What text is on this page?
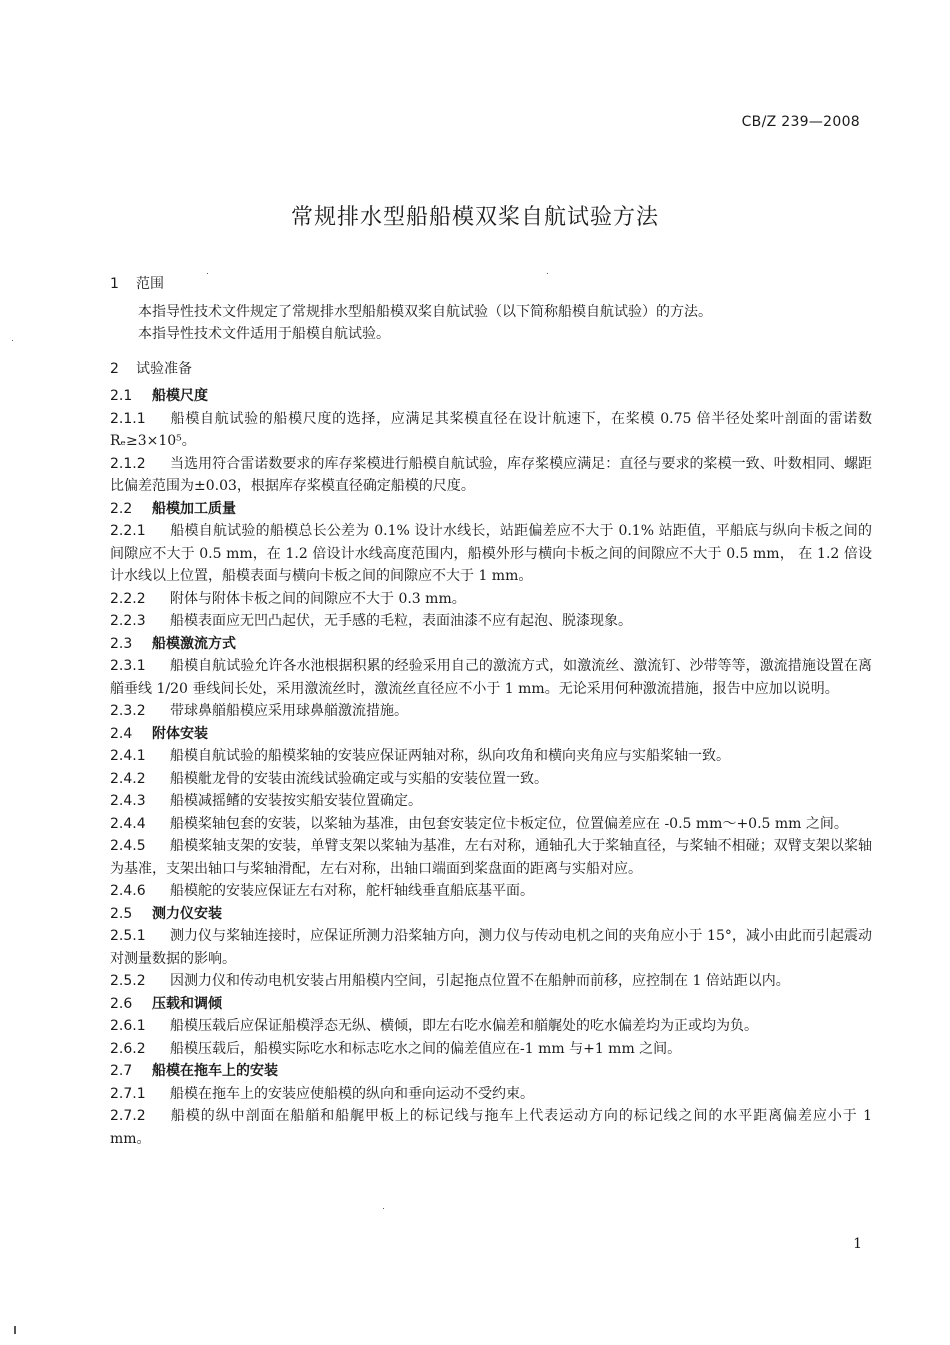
CB/Z 239—2008
常规排水型船船模双桨自航试验方法
1 范围

本指导性技术文件规定了常规排水型船船模双桨自航试验（以下简称船模自航试验）的方法。

本指导性技术文件适用于船模自航试验。

2 试验准备

2.1 船模尺度

2.1.1 船模自航试验的船模尺度的选择，应满足其桨模直径在设计航速下，在桨模 0.75 倍半径处桨叶剖面的雷诺数 Rₑ≥3×10⁵。

2.1.2 当选用符合雷诺数要求的库存桨模进行船模自航试验，库存桨模应满足：直径与要求的桨模一致、叶数相同、螺距比偏差范围为±0.03，根据库存桨模直径确定船模的尺度。

2.2 船模加工质量

2.2.1 船模自航试验的船模总长公差为 0.1% 设计水线长，站距偏差应不大于 0.1% 站距值，平船底与纵向卡板之间的间隙应不大于 0.5 mm，在 1.2 倍设计水线高度范围内，船模外形与横向卡板之间的间隙应不大于 0.5 mm， 在 1.2 倍设计水线以上位置，船模表面与横向卡板之间的间隙应不大于 1 mm。

2.2.2 附体与附体卡板之间的间隙应不大于 0.3 mm。

2.2.3 船模表面应无凹凸起伏，无手感的毛粒，表面油漆不应有起泡、脱漆现象。

2.3 船模激流方式

2.3.1 船模自航试验允许各水池根据积累的经验采用自己的激流方式，如激流丝、激流钉、沙带等等，激流措施设置在离艏垂线 1/20 垂线间长处，采用激流丝时，激流丝直径应不小于 1 mm。无论采用何种激流措施，报告中应加以说明。

2.3.2 带球鼻艏船模应采用球鼻艏激流措施。

2.4 附体安装

2.4.1 船模自航试验的船模桨轴的安装应保证两轴对称，纵向攻角和横向夹角应与实船桨轴一致。

2.4.2 船模舭龙骨的安装由流线试验确定或与实船的安装位置一致。

2.4.3 船模减摇鳍的安装按实船安装位置确定。

2.4.4 船模桨轴包套的安装，以桨轴为基准，由包套安装定位卡板定位，位置偏差应在 -0.5 mm～+0.5 mm 之间。

2.4.5 船模桨轴支架的安装，单臂支架以桨轴为基准，左右对称，通轴孔大于桨轴直径，与桨轴不相碰；双臂支架以桨轴为基准，支架出轴口与桨轴滑配，左右对称，出轴口端面到桨盘面的距离与实船对应。

2.4.6 船模舵的安装应保证左右对称，舵杆轴线垂直船底基平面。

2.5 测力仪安装

2.5.1 测力仪与桨轴连接时，应保证所测力沿桨轴方向，测力仪与传动电机之间的夹角应小于 15°，减小由此而引起震动对测量数据的影响。

2.5.2 因测力仪和传动电机安装占用船模内空间，引起拖点位置不在船舯而前移，应控制在 1 倍站距以内。

2.6 压载和调倾

2.6.1 船模压载后应保证船模浮态无纵、横倾，即左右吃水偏差和艏艉处的吃水偏差均为正或均为负。

2.6.2 船模压载后，船模实际吃水和标志吃水之间的偏差值应在-1 mm 与+1 mm 之间。

2.7 船模在拖车上的安装

2.7.1 船模在拖车上的安装应使船模的纵向和垂向运动不受约束。

2.7.2 船模的纵中剖面在船艏和船艉甲板上的标记线与拖车上代表运动方向的标记线之间的水平距离偏差应小于 1 mm。

1
